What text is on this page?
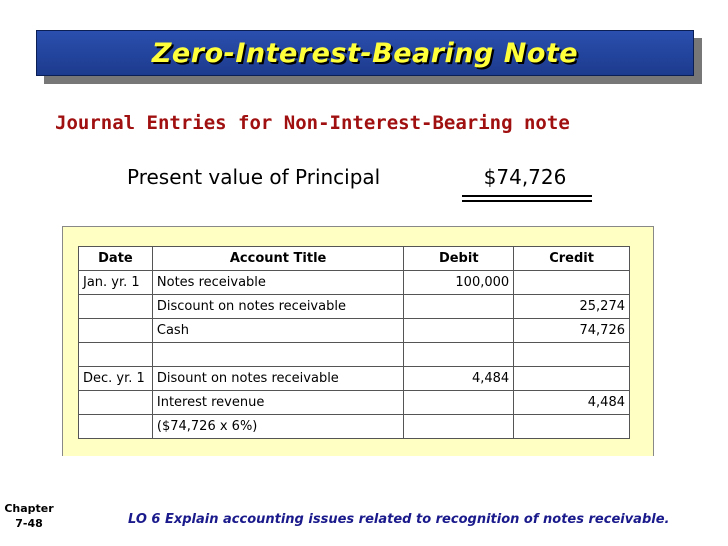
Zero-Interest-Bearing Note
Journal Entries for Non-Interest-Bearing note
Present value of Principal	$74,726
Date	Account Title	Debit	Credit
Jan. yr. 1	Notes receivable	100,000	
	Discount on notes receivable		25,274
	Cash		74,726

Dec. yr. 1	Disount on notes receivable	4,484	
	Interest revenue		4,484
	($74,726 x 6%)		
Chapter
7-48	LO 6 Explain accounting issues related to recognition of notes receivable.
